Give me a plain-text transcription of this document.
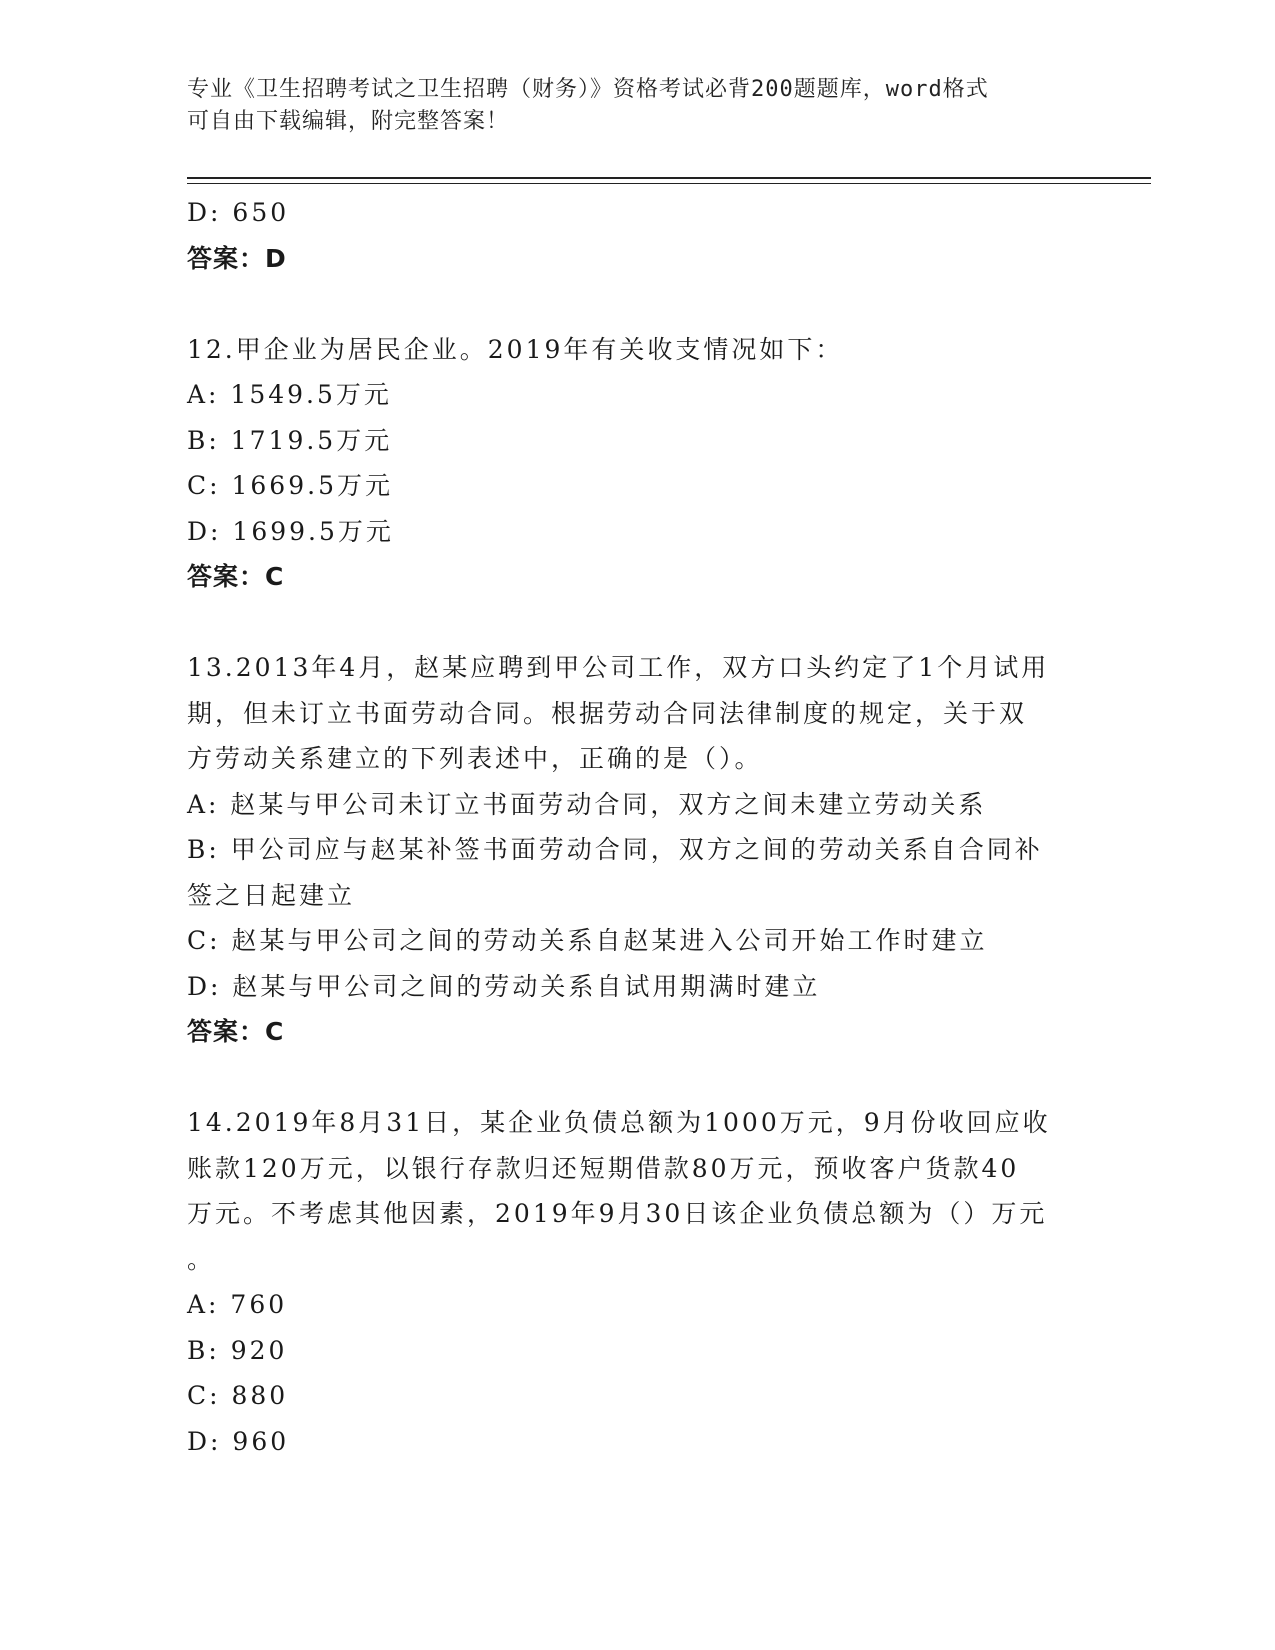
专业《卫生招聘考试之卫生招聘（财务）》资格考试必背200题题库，word格式
可自由下载编辑，附完整答案！
D: 650
答案：D
12.甲企业为居民企业。2019年有关收支情况如下：
A: 1549.5万元
B: 1719.5万元
C: 1669.5万元
D: 1699.5万元
答案：C
13.2013年4月，赵某应聘到甲公司工作，双方口头约定了1个月试用
期，但未订立书面劳动合同。根据劳动合同法律制度的规定，关于双
方劳动关系建立的下列表述中，正确的是（）。
A: 赵某与甲公司未订立书面劳动合同，双方之间未建立劳动关系
B: 甲公司应与赵某补签书面劳动合同，双方之间的劳动关系自合同补
签之日起建立
C: 赵某与甲公司之间的劳动关系自赵某进入公司开始工作时建立
D: 赵某与甲公司之间的劳动关系自试用期满时建立
答案：C
14.2019年8月31日，某企业负债总额为1000万元，9月份收回应收
账款120万元，以银行存款归还短期借款80万元，预收客户货款40
万元。不考虑其他因素，2019年9月30日该企业负债总额为（）万元
。
A: 760
B: 920
C: 880
D: 960
